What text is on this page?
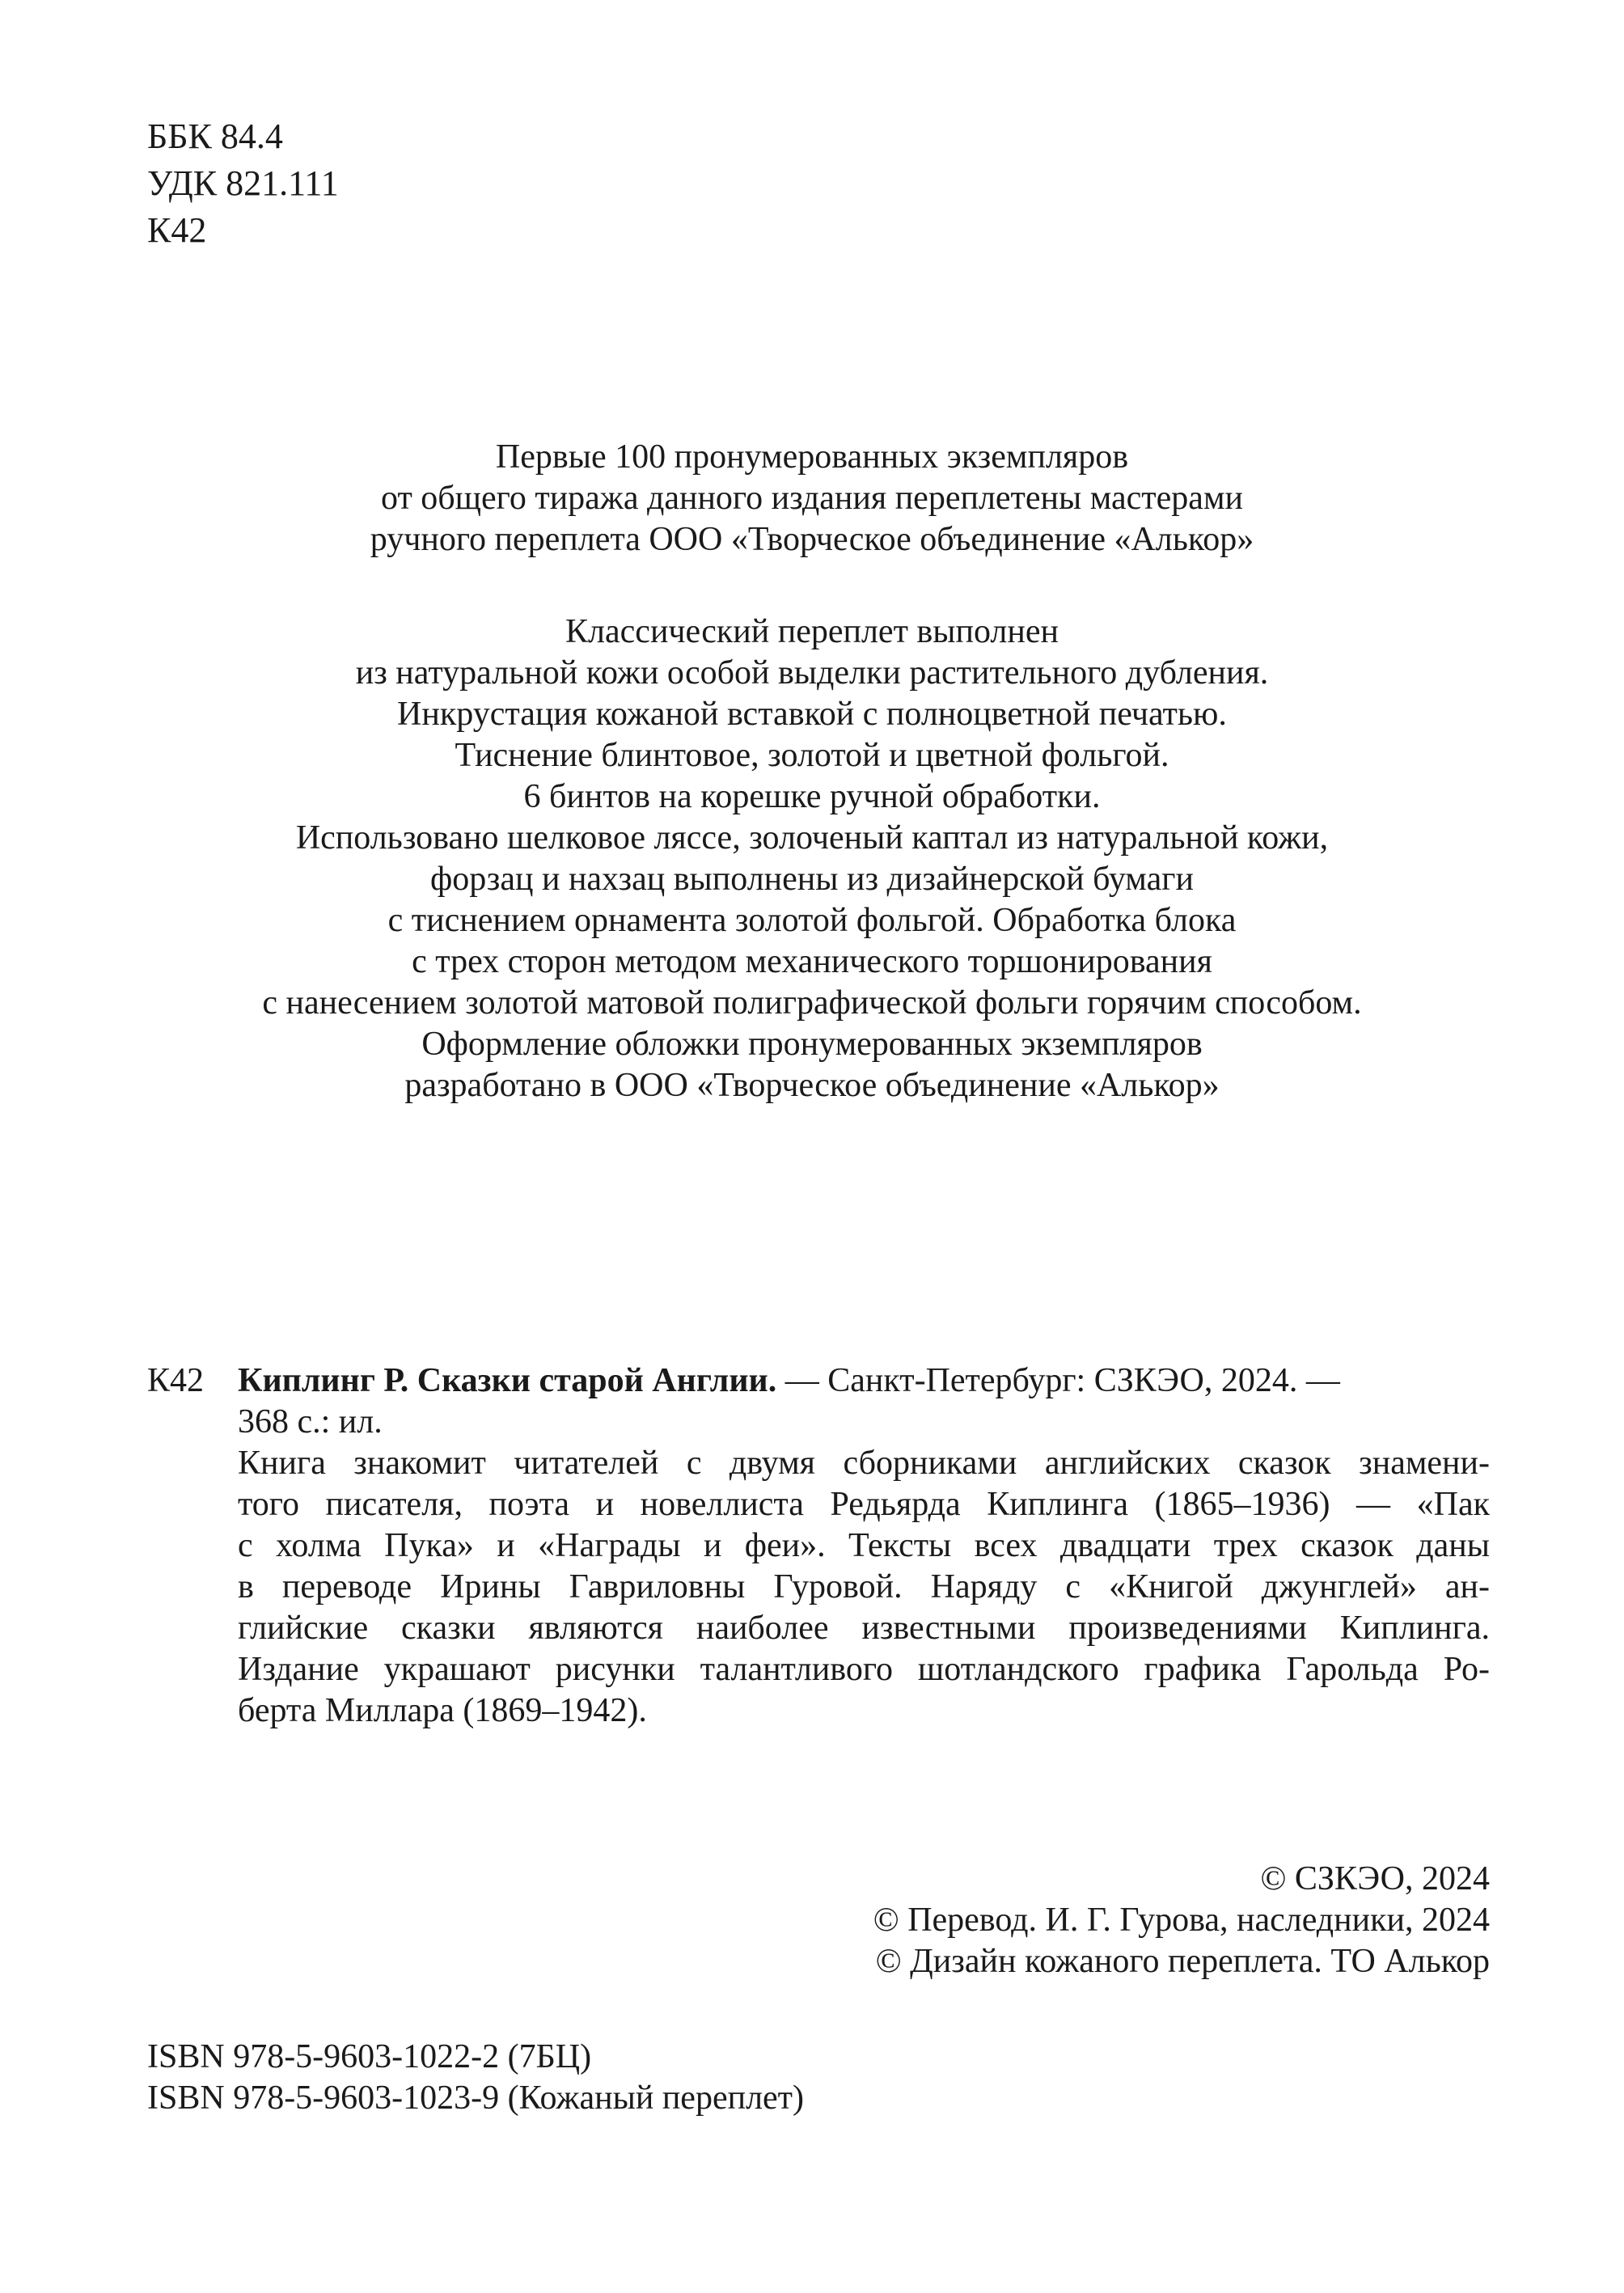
ББК 84.4
УДК 821.111
К42
Первые 100 пронумерованных экземпляров
от общего тиража данного издания переплетены мастерами
ручного переплета ООО «Творческое объединение «Алькор»
Классический переплет выполнен
из натуральной кожи особой выделки растительного дубления.
Инкрустация кожаной вставкой с полноцветной печатью.
Тиснение блинтовое, золотой и цветной фольгой.
6 бинтов на корешке ручной обработки.
Использовано шелковое ляссе, золоченый каптал из натуральной кожи,
форзац и нахзац выполнены из дизайнерской бумаги
с тиснением орнамента золотой фольгой. Обработка блока
с трех сторон методом механического торшонирования
с нанесением золотой матовой полиграфической фольги горячим способом.
Оформление обложки пронумерованных экземпляров
разработано в ООО «Творческое объединение «Алькор»
К42 Киплинг Р. Сказки старой Англии. — Санкт-Петербург: СЗКЭО, 2024. —
368 с.: ил.
Книга знакомит читателей с двумя сборниками английских сказок знамени-
того писателя, поэта и новеллиста Редьярда Киплинга (1865–1936) — «Пак
с холма Пука» и «Награды и феи». Тексты всех двадцати трех сказок даны
в переводе Ирины Гавриловны Гуровой. Наряду с «Книгой джунглей» ан-
глийские сказки являются наиболее известными произведениями Киплинга.
Издание украшают рисунки талантливого шотландского графика Гарольда Ро-
берта Миллара (1869–1942).
© СЗКЭО, 2024
© Перевод. И. Г. Гурова, наследники, 2024
© Дизайн кожаного переплета. ТО Алькор
ISBN 978-5-9603-1022-2 (7БЦ)
ISBN 978-5-9603-1023-9 (Кожаный переплет)
